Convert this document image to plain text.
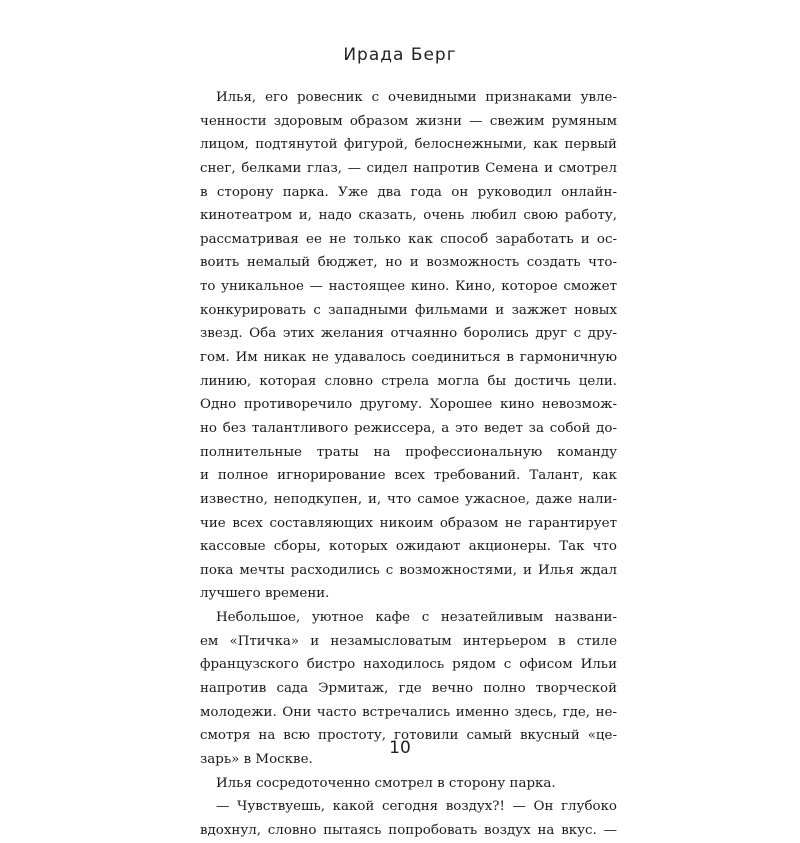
Ирада Берг

Илья, его ровесник с очевидными признаками увле-
ченности здоровым образом жизни — свежим румяным
лицом, подтянутой фигурой, белоснежными, как первый
снег, белками глаз, — сидел напротив Семена и смотрел
в сторону парка. Уже два года он руководил онлайн-
кинотеатром и, надо сказать, очень любил свою работу,
рассматривая ее не только как способ заработать и ос-
воить немалый бюджет, но и возможность создать что-
то уникальное — настоящее кино. Кино, которое сможет
конкурировать с западными фильмами и зажжет новых
звезд. Оба этих желания отчаянно боролись друг с дру-
гом. Им никак не удавалось соединиться в гармоничную
линию, которая словно стрела могла бы достичь цели.
Одно противоречило другому. Хорошее кино невозмож-
но без талантливого режиссера, а это ведет за собой до-
полнительные траты на профессиональную команду
и полное игнорирование всех требований. Талант, как
известно, неподкупен, и, что самое ужасное, даже нали-
чие всех составляющих никоим образом не гарантирует
кассовые сборы, которых ожидают акционеры. Так что
пока мечты расходились с возможностями, и Илья ждал
лучшего времени.

Небольшое, уютное кафе с незатейливым названи-
ем «Птичка» и незамысловатым интерьером в стиле
французского бистро находилось рядом с офисом Ильи
напротив сада Эрмитаж, где вечно полно творческой
молодежи. Они часто встречались именно здесь, где, не-
смотря на всю простоту, готовили самый вкусный «це-
зарь» в Москве.

Илья сосредоточенно смотрел в сторону парка.

— Чувствуешь, какой сегодня воздух?! — Он глубоко
вдохнул, словно пытаясь попробовать воздух на вкус. —

10
